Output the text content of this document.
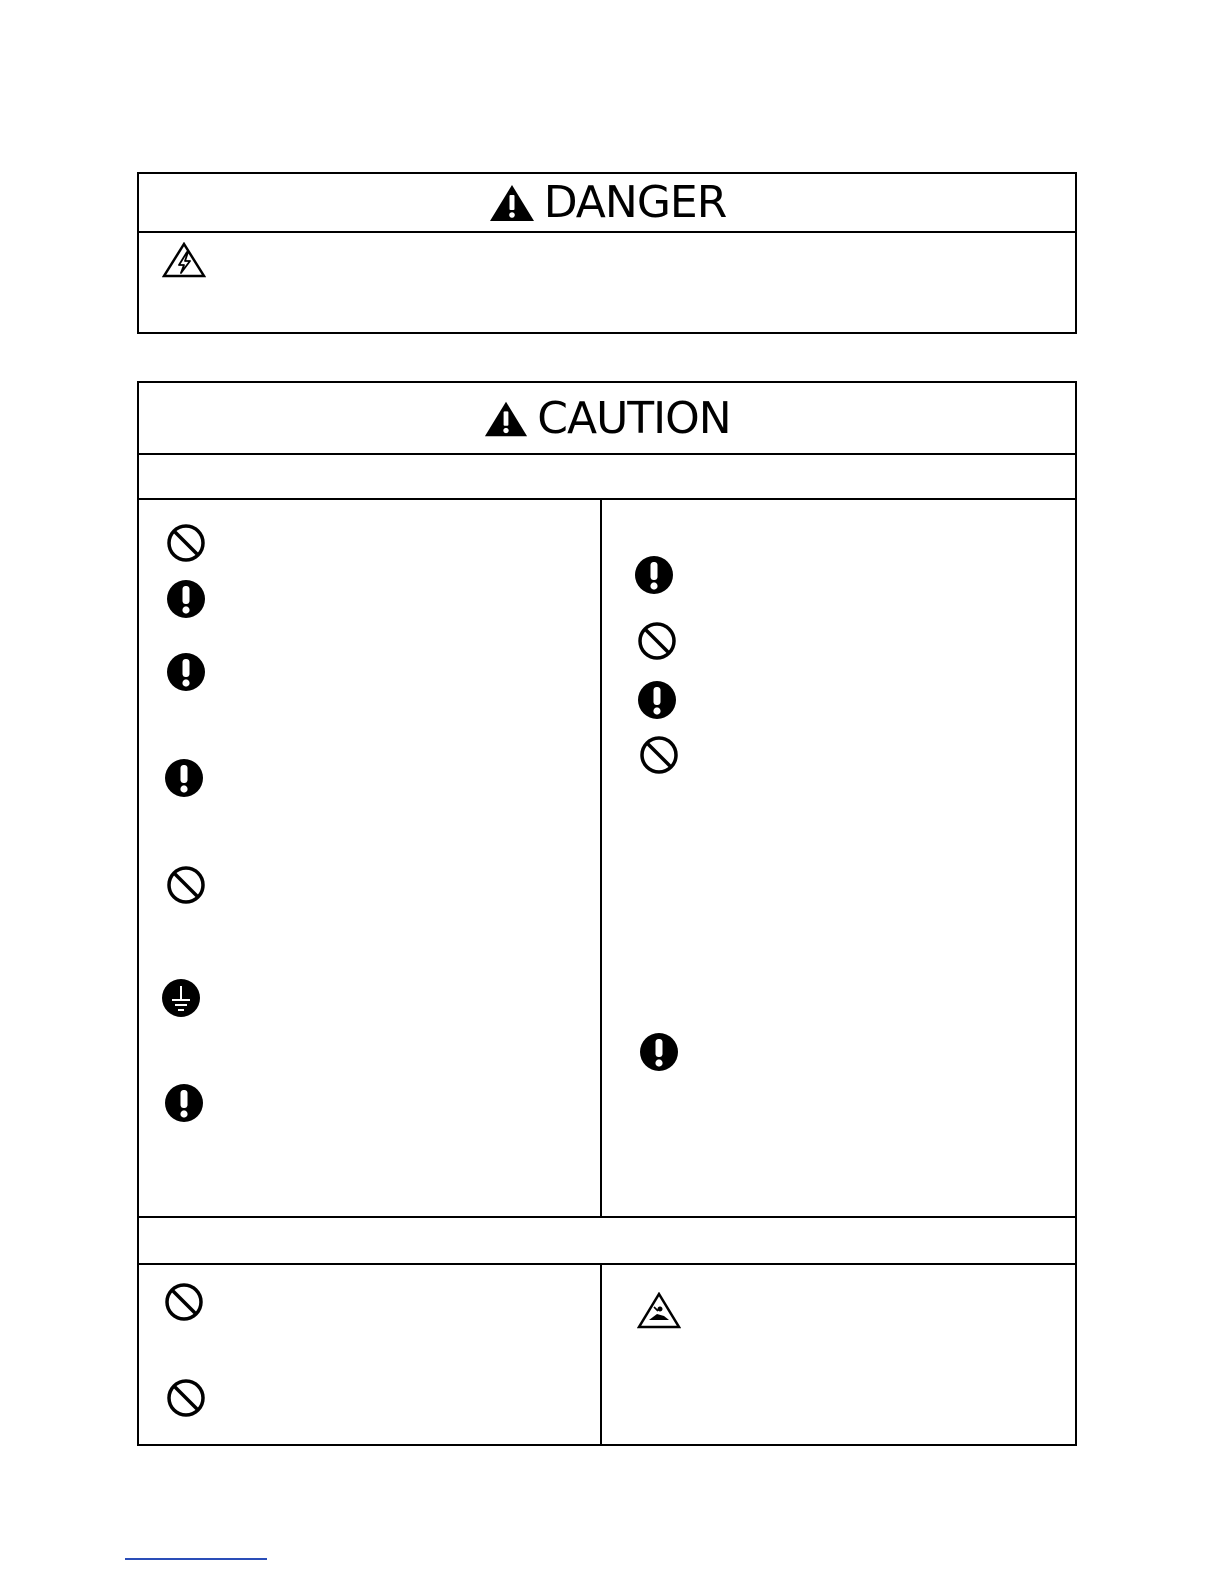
DANGER
CAUTION
